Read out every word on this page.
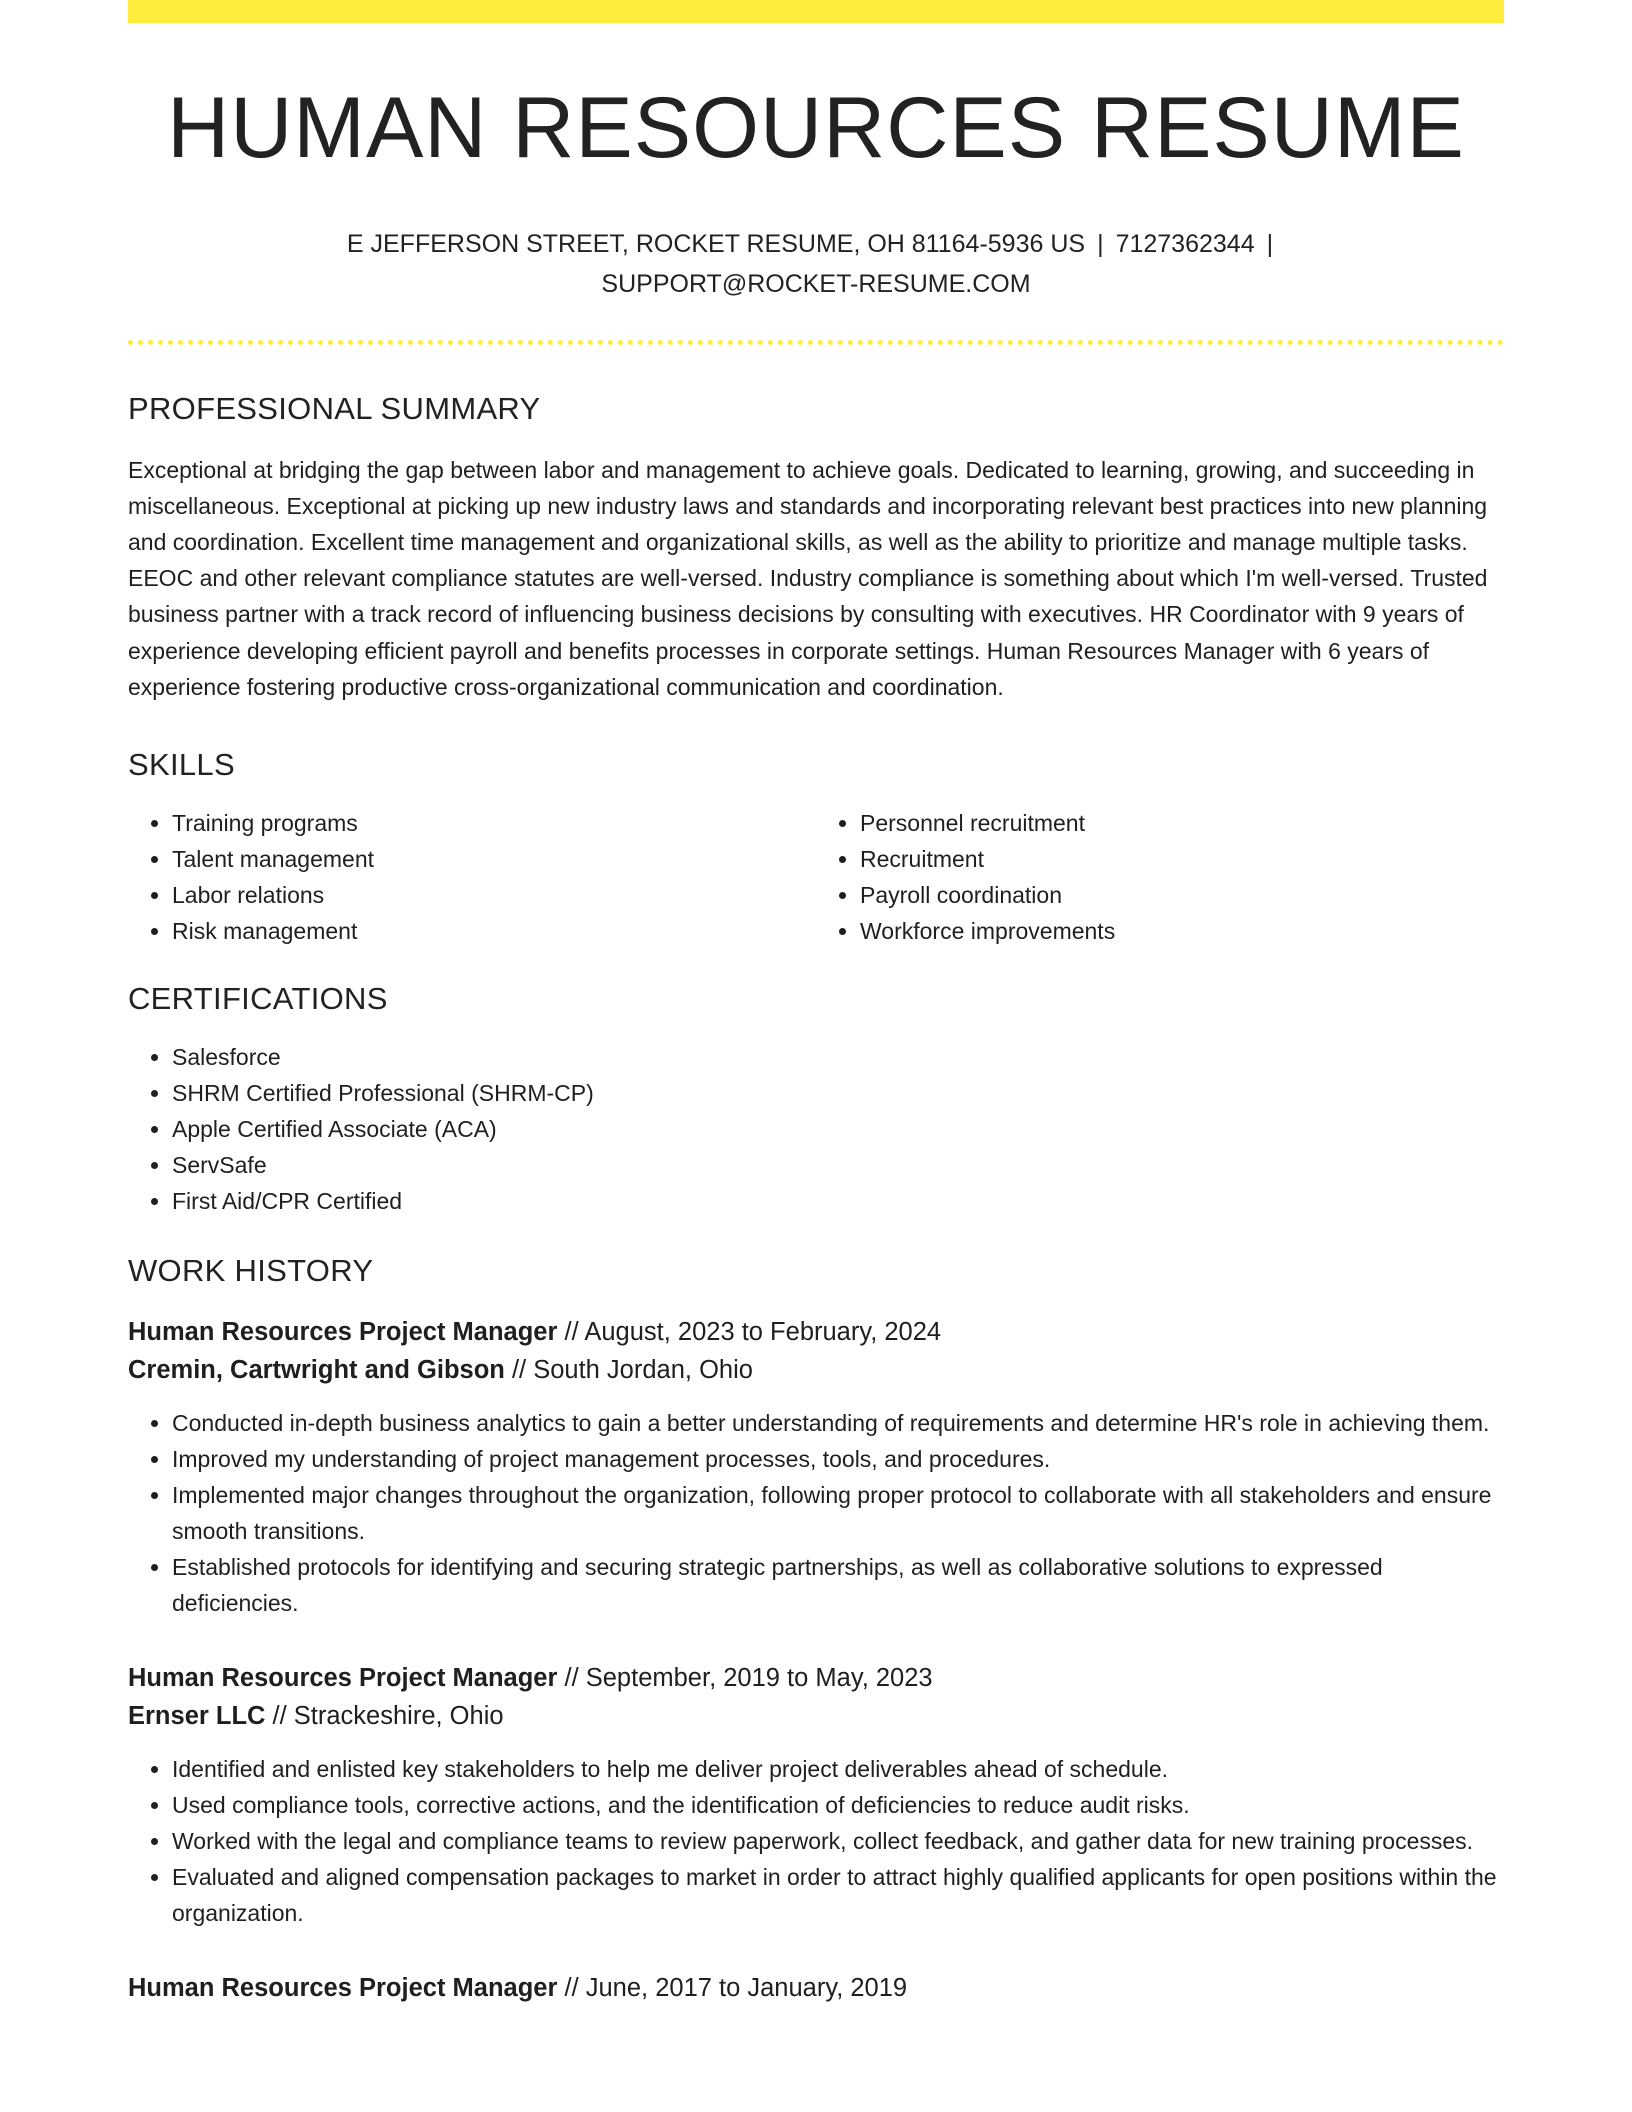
HUMAN RESOURCES RESUME
E JEFFERSON STREET, ROCKET RESUME, OH 81164-5936 US | 7127362344 |
SUPPORT@ROCKET-RESUME.COM
PROFESSIONAL SUMMARY
Exceptional at bridging the gap between labor and management to achieve goals. Dedicated to learning, growing, and succeeding in miscellaneous. Exceptional at picking up new industry laws and standards and incorporating relevant best practices into new planning and coordination. Excellent time management and organizational skills, as well as the ability to prioritize and manage multiple tasks. EEOC and other relevant compliance statutes are well-versed. Industry compliance is something about which I'm well-versed. Trusted business partner with a track record of influencing business decisions by consulting with executives. HR Coordinator with 9 years of experience developing efficient payroll and benefits processes in corporate settings. Human Resources Manager with 6 years of experience fostering productive cross-organizational communication and coordination.
SKILLS
• Training programs
• Talent management
• Labor relations
• Risk management
• Personnel recruitment
• Recruitment
• Payroll coordination
• Workforce improvements
CERTIFICATIONS
• Salesforce
• SHRM Certified Professional (SHRM-CP)
• Apple Certified Associate (ACA)
• ServSafe
• First Aid/CPR Certified
WORK HISTORY
Human Resources Project Manager // August, 2023 to February, 2024
Cremin, Cartwright and Gibson // South Jordan, Ohio
• Conducted in-depth business analytics to gain a better understanding of requirements and determine HR's role in achieving them.
• Improved my understanding of project management processes, tools, and procedures.
• Implemented major changes throughout the organization, following proper protocol to collaborate with all stakeholders and ensure smooth transitions.
• Established protocols for identifying and securing strategic partnerships, as well as collaborative solutions to expressed deficiencies.
Human Resources Project Manager // September, 2019 to May, 2023
Ernser LLC // Strackeshire, Ohio
• Identified and enlisted key stakeholders to help me deliver project deliverables ahead of schedule.
• Used compliance tools, corrective actions, and the identification of deficiencies to reduce audit risks.
• Worked with the legal and compliance teams to review paperwork, collect feedback, and gather data for new training processes.
• Evaluated and aligned compensation packages to market in order to attract highly qualified applicants for open positions within the organization.
Human Resources Project Manager // June, 2017 to January, 2019
